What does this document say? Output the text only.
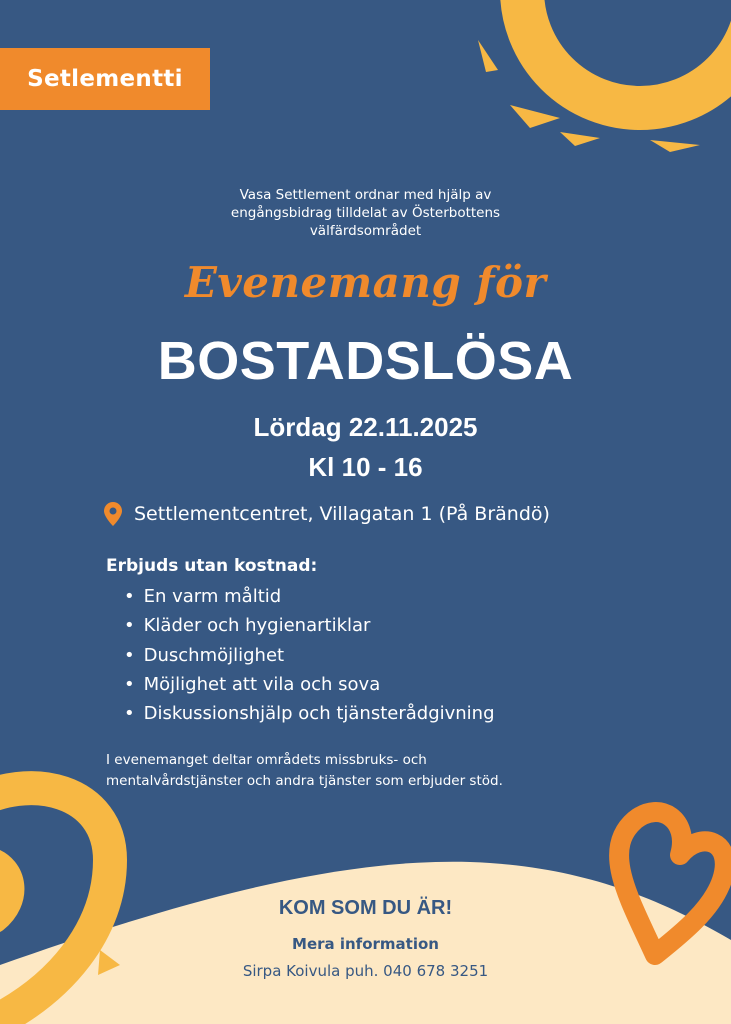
Setlementti
Vasa Settlement ordnar med hjälp av
engångsbidrag tilldelat av Österbottens
välfärdsområdet
Evenemang för
BOSTADSLÖSA
Lördag 22.11.2025
Kl 10 - 16
Settlementcentret, Villagatan 1 (På Brändö)
Erbjuds utan kostnad:
• En varm måltid
• Kläder och hygienartiklar
• Duschmöjlighet
• Möjlighet att vila och sova
• Diskussionshjälp och tjänsterådgivning
I evenemanget deltar områdets missbruks- och
mentalvårdstjänster och andra tjänster som erbjuder stöd.
KOM SOM DU ÄR!
Mera information
Sirpa Koivula puh. 040 678 3251
